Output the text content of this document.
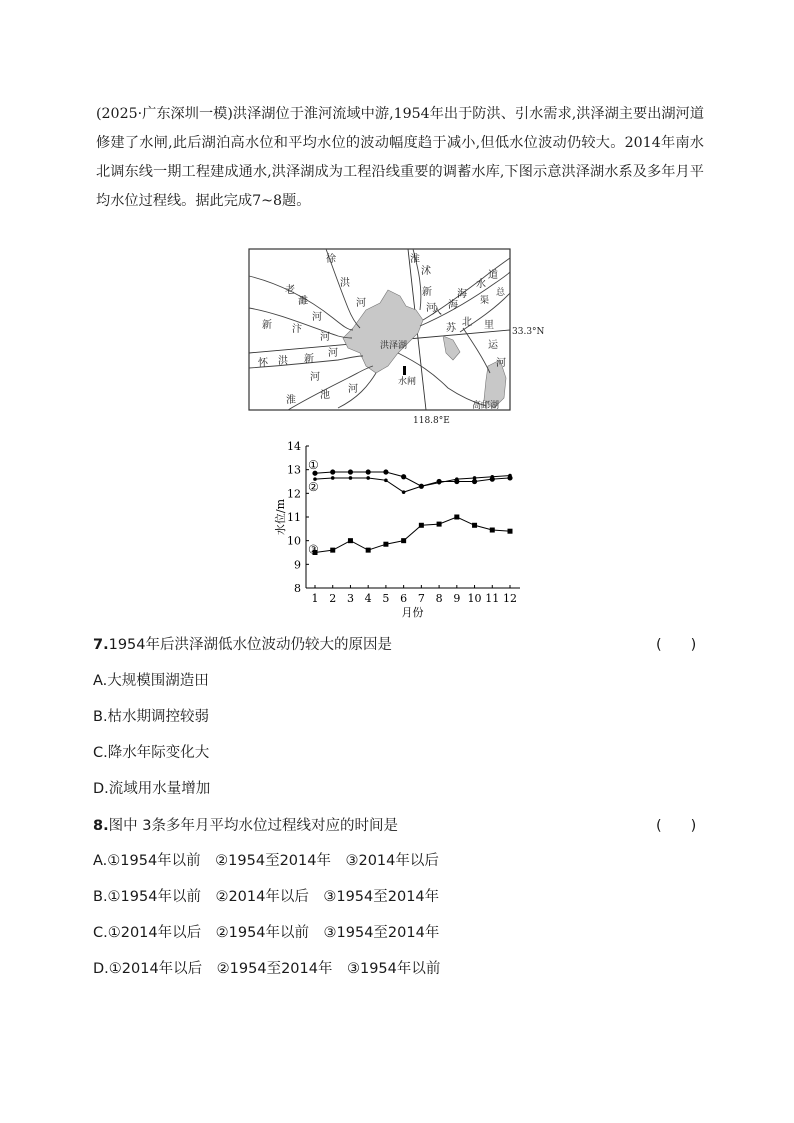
(2025·广东深圳一模)洪泽湖位于淮河流域中游,1954年出于防洪、引水需求,洪泽湖主要出湖河道修建了水闸,此后湖泊高水位和平均水位的波动幅度趋于减小,但低水位波动仍较大。2014年南水北调东线一期工程建成通水,洪泽湖成为工程沿线重要的调蓄水库,下图示意洪泽湖水系及多年月平均水位过程线。据此完成7~8题。
徐
洪
河
老
濉
河
新 汴
河
淮
沭
新
河
海
水
道
入
海 渠
总
苏
北 里
运
河
洪泽湖
水闸
怀 洪 新
河
河
淮 池
河
高邮湖
33.3°N
118.8°E
8
9
10
11
12
13
14
1 2 3 4 5 6 7 8 9 10 11 12
月份
水位/m
①
②
③
7.1954年后洪泽湖低水位波动仍较大的原因是	(　　)
A.大规模围湖造田
B.枯水期调控较弱
C.降水年际变化大
D.流域用水量增加
8.图中 3条多年月平均水位过程线对应的时间是	(　　)
A.①1954年以前　②1954至2014年　③2014年以后
B.①1954年以前　②2014年以后　③1954至2014年
C.①2014年以后　②1954年以前　③1954至2014年
D.①2014年以后　②1954至2014年　③1954年以前
